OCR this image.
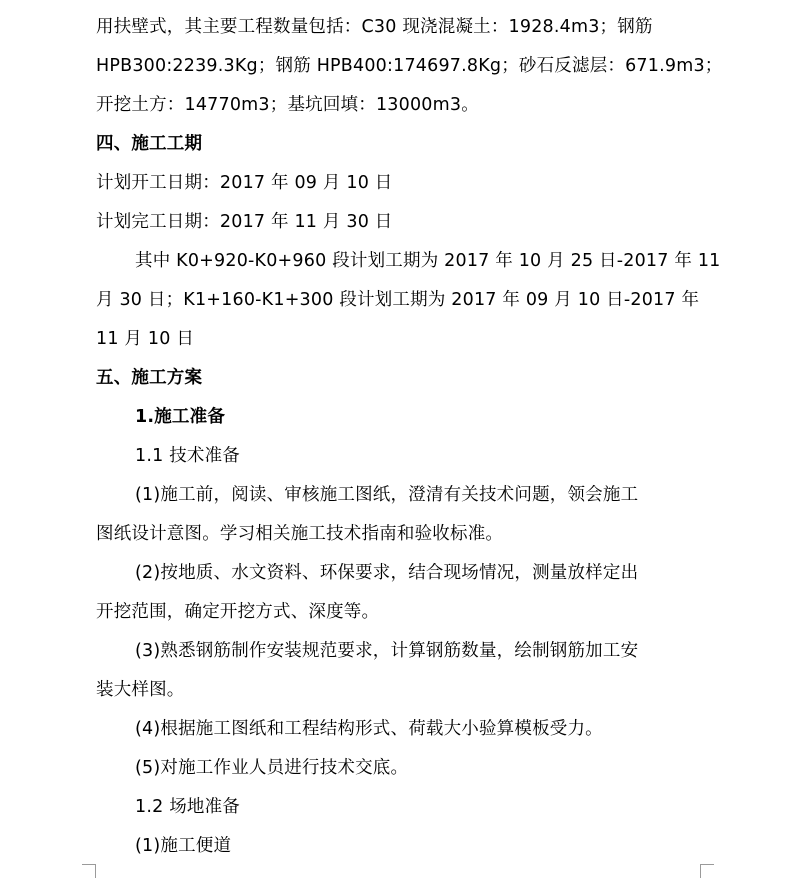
用扶壁式，其主要工程数量包括：C30 现浇混凝土：1928.4m3；钢筋
HPB300:2239.3Kg；钢筋 HPB400:174697.8Kg；砂石反滤层：671.9m3；
开挖土方：14770m3；基坑回填：13000m3。
四、施工工期
计划开工日期：2017 年 09 月 10 日
计划完工日期：2017 年 11 月 30 日
其中 K0+920-K0+960 段计划工期为 2017 年 10 月 25 日-2017 年 11
月 30 日；K1+160-K1+300 段计划工期为 2017 年 09 月 10 日-2017 年
11 月 10 日
五、施工方案
1.施工准备
1.1 技术准备
(1)施工前，阅读、审核施工图纸，澄清有关技术问题，领会施工
图纸设计意图。学习相关施工技术指南和验收标准。
(2)按地质、水文资料、环保要求，结合现场情况，测量放样定出
开挖范围，确定开挖方式、深度等。
(3)熟悉钢筋制作安装规范要求，计算钢筋数量，绘制钢筋加工安
装大样图。
(4)根据施工图纸和工程结构形式、荷载大小验算模板受力。
(5)对施工作业人员进行技术交底。
1.2 场地准备
(1)施工便道
